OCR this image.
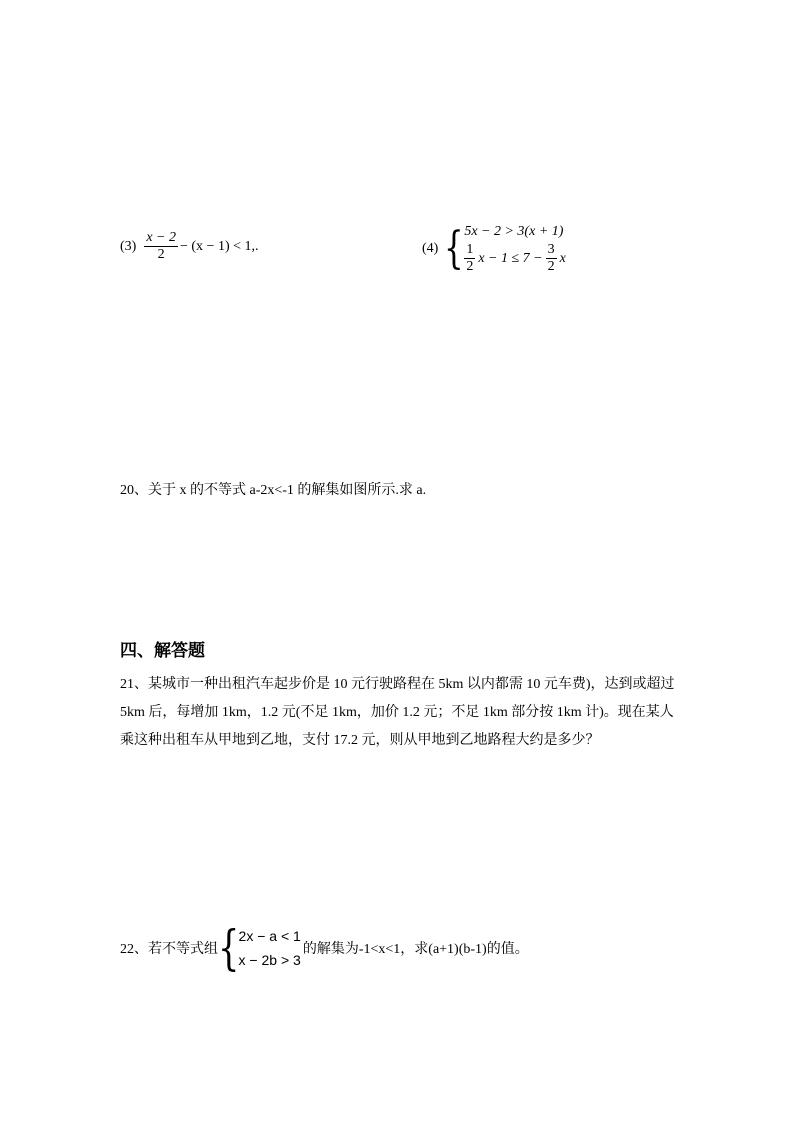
$(3) \frac{x - 2}{2} - (x - 1) < 1$,.	(4) { 5x − 2 > 3(x + 1)
$\frac{1}{2}$ $x - 1 \le 7 - \frac{3}{2}$ x
20、关于 x 的不等式 a-2x<-1 的解集如图所示.求 a.
四、解答题
21、某城市一种出租汽车起步价是 10 元行驶路程在 5km 以内都需 10 元车费)，达到或超过
5km 后，每增加 1km，1.2 元(不足 1km，加价 1.2 元；不足 1km 部分按 1km 计)。现在某人
乘这种出租车从甲地到乙地，支付 17.2 元，则从甲地到乙地路程大约是多少？
22、若不等式组 { 2x − a < 1
x − 2b > 3
的解集为-1<x<1，求(a+1)(b-1)的值。
